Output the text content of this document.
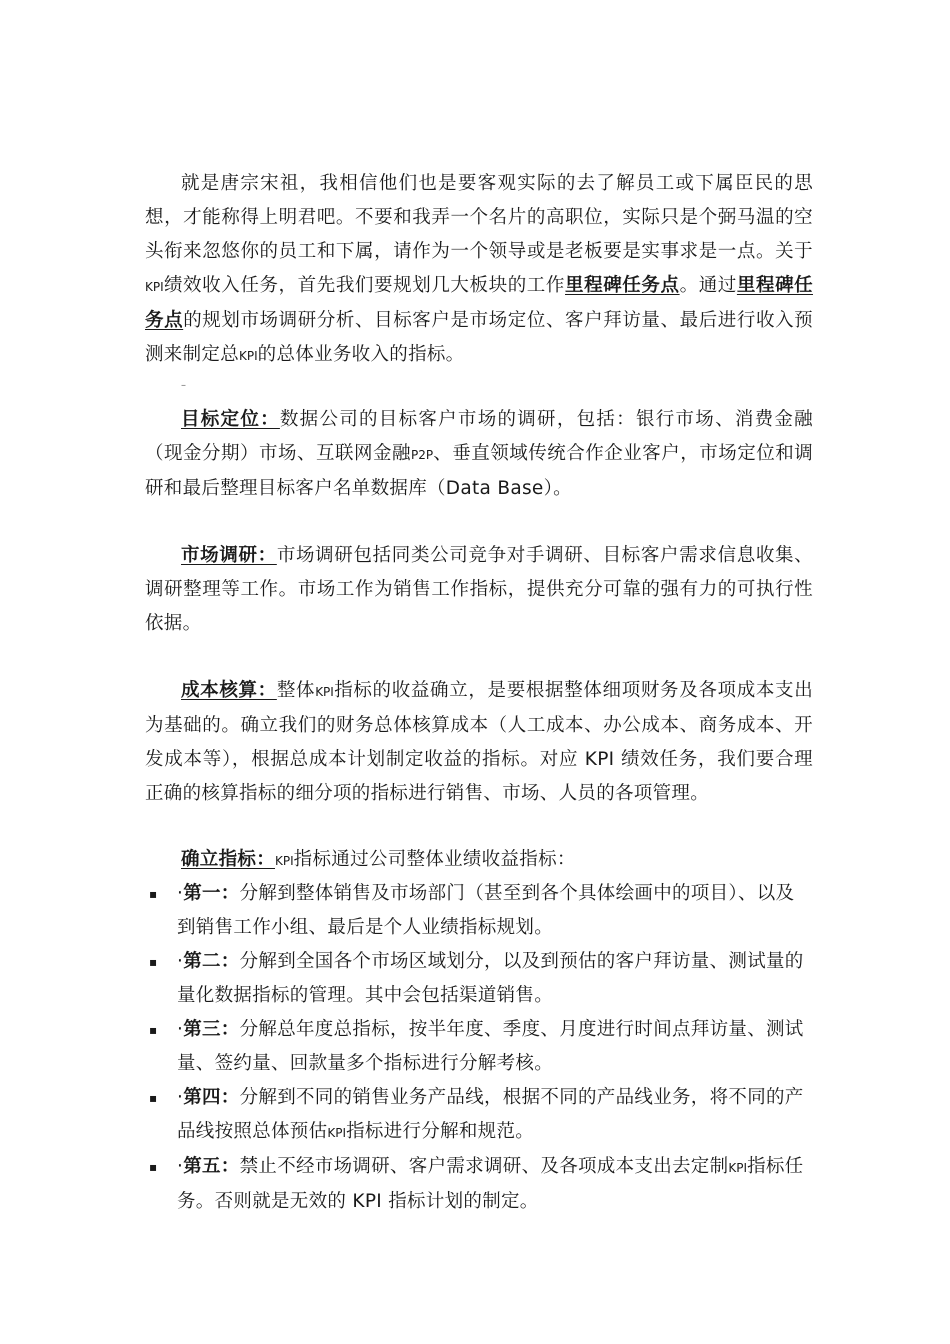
就是唐宗宋祖，我相信他们也是要客观实际的去了解员工或下属臣民的思想，才能称得上明君吧。不要和我弄一个名片的高职位，实际只是个弼马温的空头衔来忽悠你的员工和下属，请作为一个领导或是老板要是实事求是一点。关于KPI绩效收入任务，首先我们要规划几大板块的工作里程碑任务点。通过里程碑任务点的规划市场调研分析、目标客户是市场定位、客户拜访量、最后进行收入预测来制定总KPI的总体业务收入的指标。

–

目标定位：数据公司的目标客户市场的调研，包括：银行市场、消费金融（现金分期）市场、互联网金融P2P、垂直领域传统合作企业客户，市场定位和调研和最后整理目标客户名单数据库（Data Base）。

市场调研：市场调研包括同类公司竞争对手调研、目标客户需求信息收集、调研整理等工作。市场工作为销售工作指标，提供充分可靠的强有力的可执行性依据。

成本核算：整体KPI指标的收益确立，是要根据整体细项财务及各项成本支出为基础的。确立我们的财务总体核算成本（人工成本、办公成本、商务成本、开发成本等），根据总成本计划制定收益的指标。对应 KPI 绩效任务，我们要合理正确的核算指标的细分项的指标进行销售、市场、人员的各项管理。

确立指标：KPI指标通过公司整体业绩收益指标：

▪ ·第一：分解到整体销售及市场部门（甚至到各个具体绘画中的项目）、以及到销售工作小组、最后是个人业绩指标规划。
▪ ·第二：分解到全国各个市场区域划分，以及到预估的客户拜访量、测试量的量化数据指标的管理。其中会包括渠道销售。
▪ ·第三：分解总年度总指标，按半年度、季度、月度进行时间点拜访量、测试量、签约量、回款量多个指标进行分解考核。
▪ ·第四：分解到不同的销售业务产品线，根据不同的产品线业务，将不同的产品线按照总体预估KPI指标进行分解和规范。
▪ ·第五：禁止不经市场调研、客户需求调研、及各项成本支出去定制KPI指标任务。否则就是无效的 KPI 指标计划的制定。
